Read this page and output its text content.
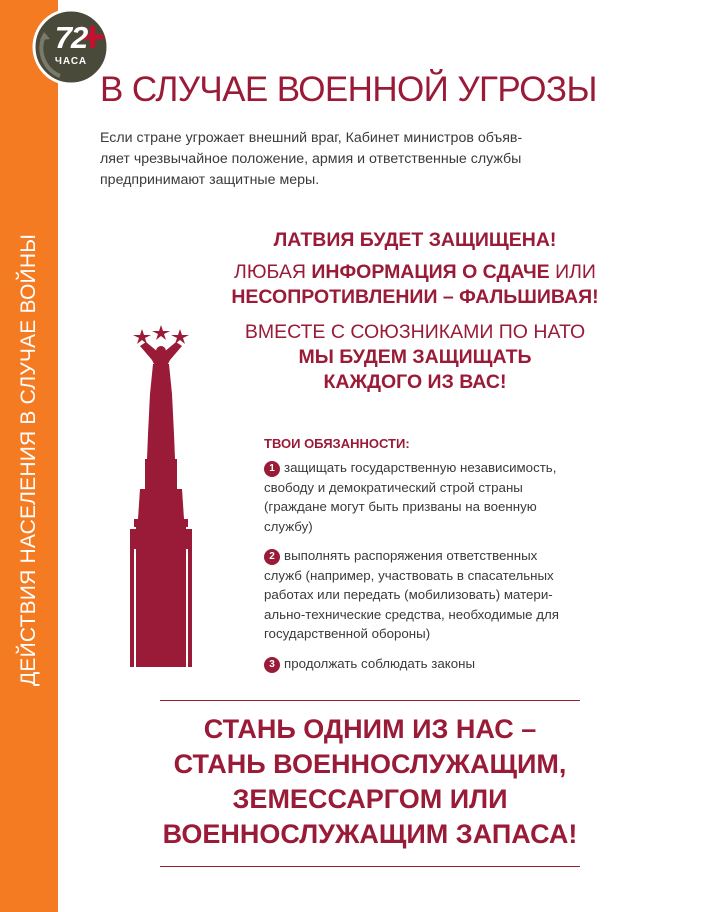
ДЕЙСТВИЯ НАСЕЛЕНИЯ В СЛУЧАЕ ВОЙНЫ
72
ЧАСА
В СЛУЧАЕ ВОЕННОЙ УГРОЗЫ

Если стране угрожает внешний враг, Кабинет министров объяв-
ляет чрезвычайное положение, армия и ответственные службы
предпринимают защитные меры.

ЛАТВИЯ БУДЕТ ЗАЩИЩЕНА!
ЛЮБАЯ ИНФОРМАЦИЯ О СДАЧЕ ИЛИ
НЕСОПРОТИВЛЕНИИ – ФАЛЬШИВАЯ!
ВМЕСТЕ С СОЮЗНИКАМИ ПО НАТО
МЫ БУДЕМ ЗАЩИЩАТЬ
КАЖДОГО ИЗ ВАС!
ТВОИ ОБЯЗАННОСТИ:
1 защищать государственную независимость,
свободу и демократический строй страны
(граждане могут быть призваны на военную
службу)
2 выполнять распоряжения ответственных
служб (например, участвовать в спасательных
работах или передать (мобилизовать) матери-
ально-технические средства, необходимые для
государственной обороны)
3 продолжать соблюдать законы

СТАНЬ ОДНИМ ИЗ НАС –
СТАНЬ ВОЕННОСЛУЖАЩИМ,
ЗЕМЕССАРГОМ ИЛИ
ВОЕННОСЛУЖАЩИМ ЗАПАСА!
